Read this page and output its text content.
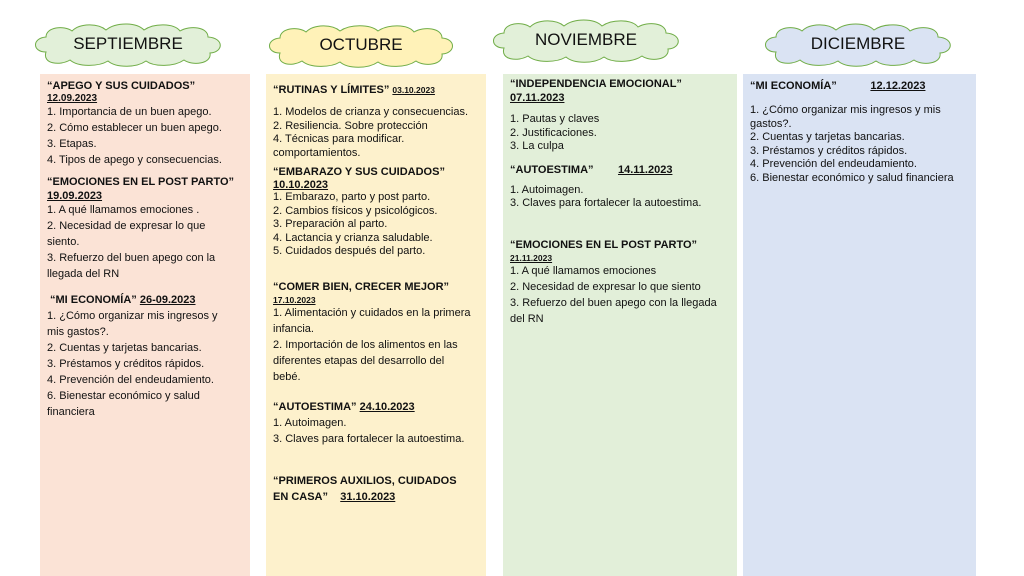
SEPTIEMBRE	OCTUBRE	NOVIEMBRE	DICIEMBRE

“APEGO Y SUS CUIDADOS”

12.09.2023

1. Importancia de un buen apego.

2. Cómo establecer un buen apego.

3. Etapas.

4. Tipos de apego y consecuencias.

“EMOCIONES EN EL POST PARTO”

19.09.2023

1. A qué llamamos emociones .

2. Necesidad de expresar lo que

siento.

3. Refuerzo del buen apego con la

llegada del RN

“MI ECONOMÍA” 26-09.2023

1. ¿Cómo organizar mis ingresos y

mis gastos?.

2. Cuentas y tarjetas bancarias.

3. Préstamos y créditos rápidos.

4. Prevención del endeudamiento.

6. Bienestar económico y salud

financiera

“RUTINAS Y LÍMITES” 03.10.2023

1. Modelos de crianza y consecuencias.

2. Resiliencia. Sobre protección

4. Técnicas para modificar.

comportamientos.

“EMBARAZO Y SUS CUIDADOS”

10.10.2023

1. Embarazo, parto y post parto.

2. Cambios físicos y psicológicos.

3. Preparación al parto.

4. Lactancia y crianza saludable.

5. Cuidados después del parto.

“COMER BIEN, CRECER MEJOR”

17.10.2023

1. Alimentación y cuidados en la primera

infancia.

2. Importación de los alimentos en las

diferentes etapas del desarrollo del

bebé.

“AUTOESTIMA” 24.10.2023

1. Autoimagen.

3. Claves para fortalecer la autoestima.

“PRIMEROS AUXILIOS, CUIDADOS

EN CASA” 31.10.2023

“INDEPENDENCIA EMOCIONAL”

07.11.2023

1. Pautas y claves

2. Justificaciones.

3. La culpa

“AUTOESTIMA” 14.11.2023

1. Autoimagen.

3. Claves para fortalecer la autoestima.

“EMOCIONES EN EL POST PARTO”

21.11.2023

1. A qué llamamos emociones

2. Necesidad de expresar lo que siento

3. Refuerzo del buen apego con la llegada

del RN

“MI ECONOMÍA”	12.12.2023

1. ¿Cómo organizar mis ingresos y mis

gastos?.

2. Cuentas y tarjetas bancarias.

3. Préstamos y créditos rápidos.

4. Prevención del endeudamiento.

6. Bienestar económico y salud financiera
